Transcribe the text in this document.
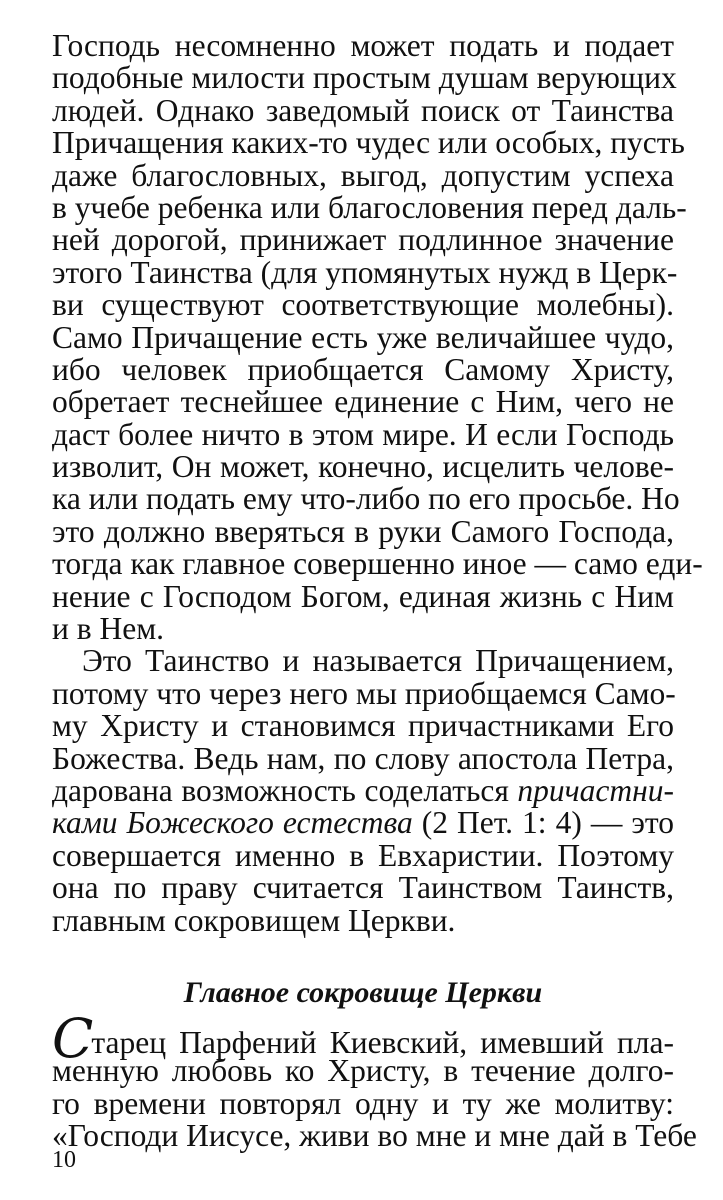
Господь несомненно может подать и подает
подобные милости простым душам верующих
людей. Однако заведомый поиск от Таинства
Причащения каких-то чудес или особых, пусть
даже благословных, выгод, допустим успеха
в учебе ребенка или благословения перед даль-
ней дорогой, принижает подлинное значение
этого Таинства (для упомянутых нужд в Церк-
ви существуют соответствующие молебны).
Само Причащение есть уже величайшее чудо,
ибо человек приобщается Самому Христу,
обретает теснейшее единение с Ним, чего не
даст более ничто в этом мире. И если Господь
изволит, Он может, конечно, исцелить челове-
ка или подать ему что-либо по его просьбе. Но
это должно вверяться в руки Самого Господа,
тогда как главное совершенно иное — само еди-
нение с Господом Богом, единая жизнь с Ним
и в Нем.
Это Таинство и называется Причащением,
потому что через него мы приобщаемся Само-
му Христу и становимся причастниками Его
Божества. Ведь нам, по слову апостола Петра,
дарована возможность соделаться причастни-
ками Божеского естества (2 Пет. 1: 4) — это
совершается именно в Евхаристии. Поэтому
она по праву считается Таинством Таинств,
главным сокровищем Церкви.
Главное сокровище Церкви
Старец Парфений Киевский, имевший пла-
менную любовь ко Христу, в течение долго-
го времени повторял одну и ту же молитву:
«Господи Иисусе, живи во мне и мне дай в Тебе
10
